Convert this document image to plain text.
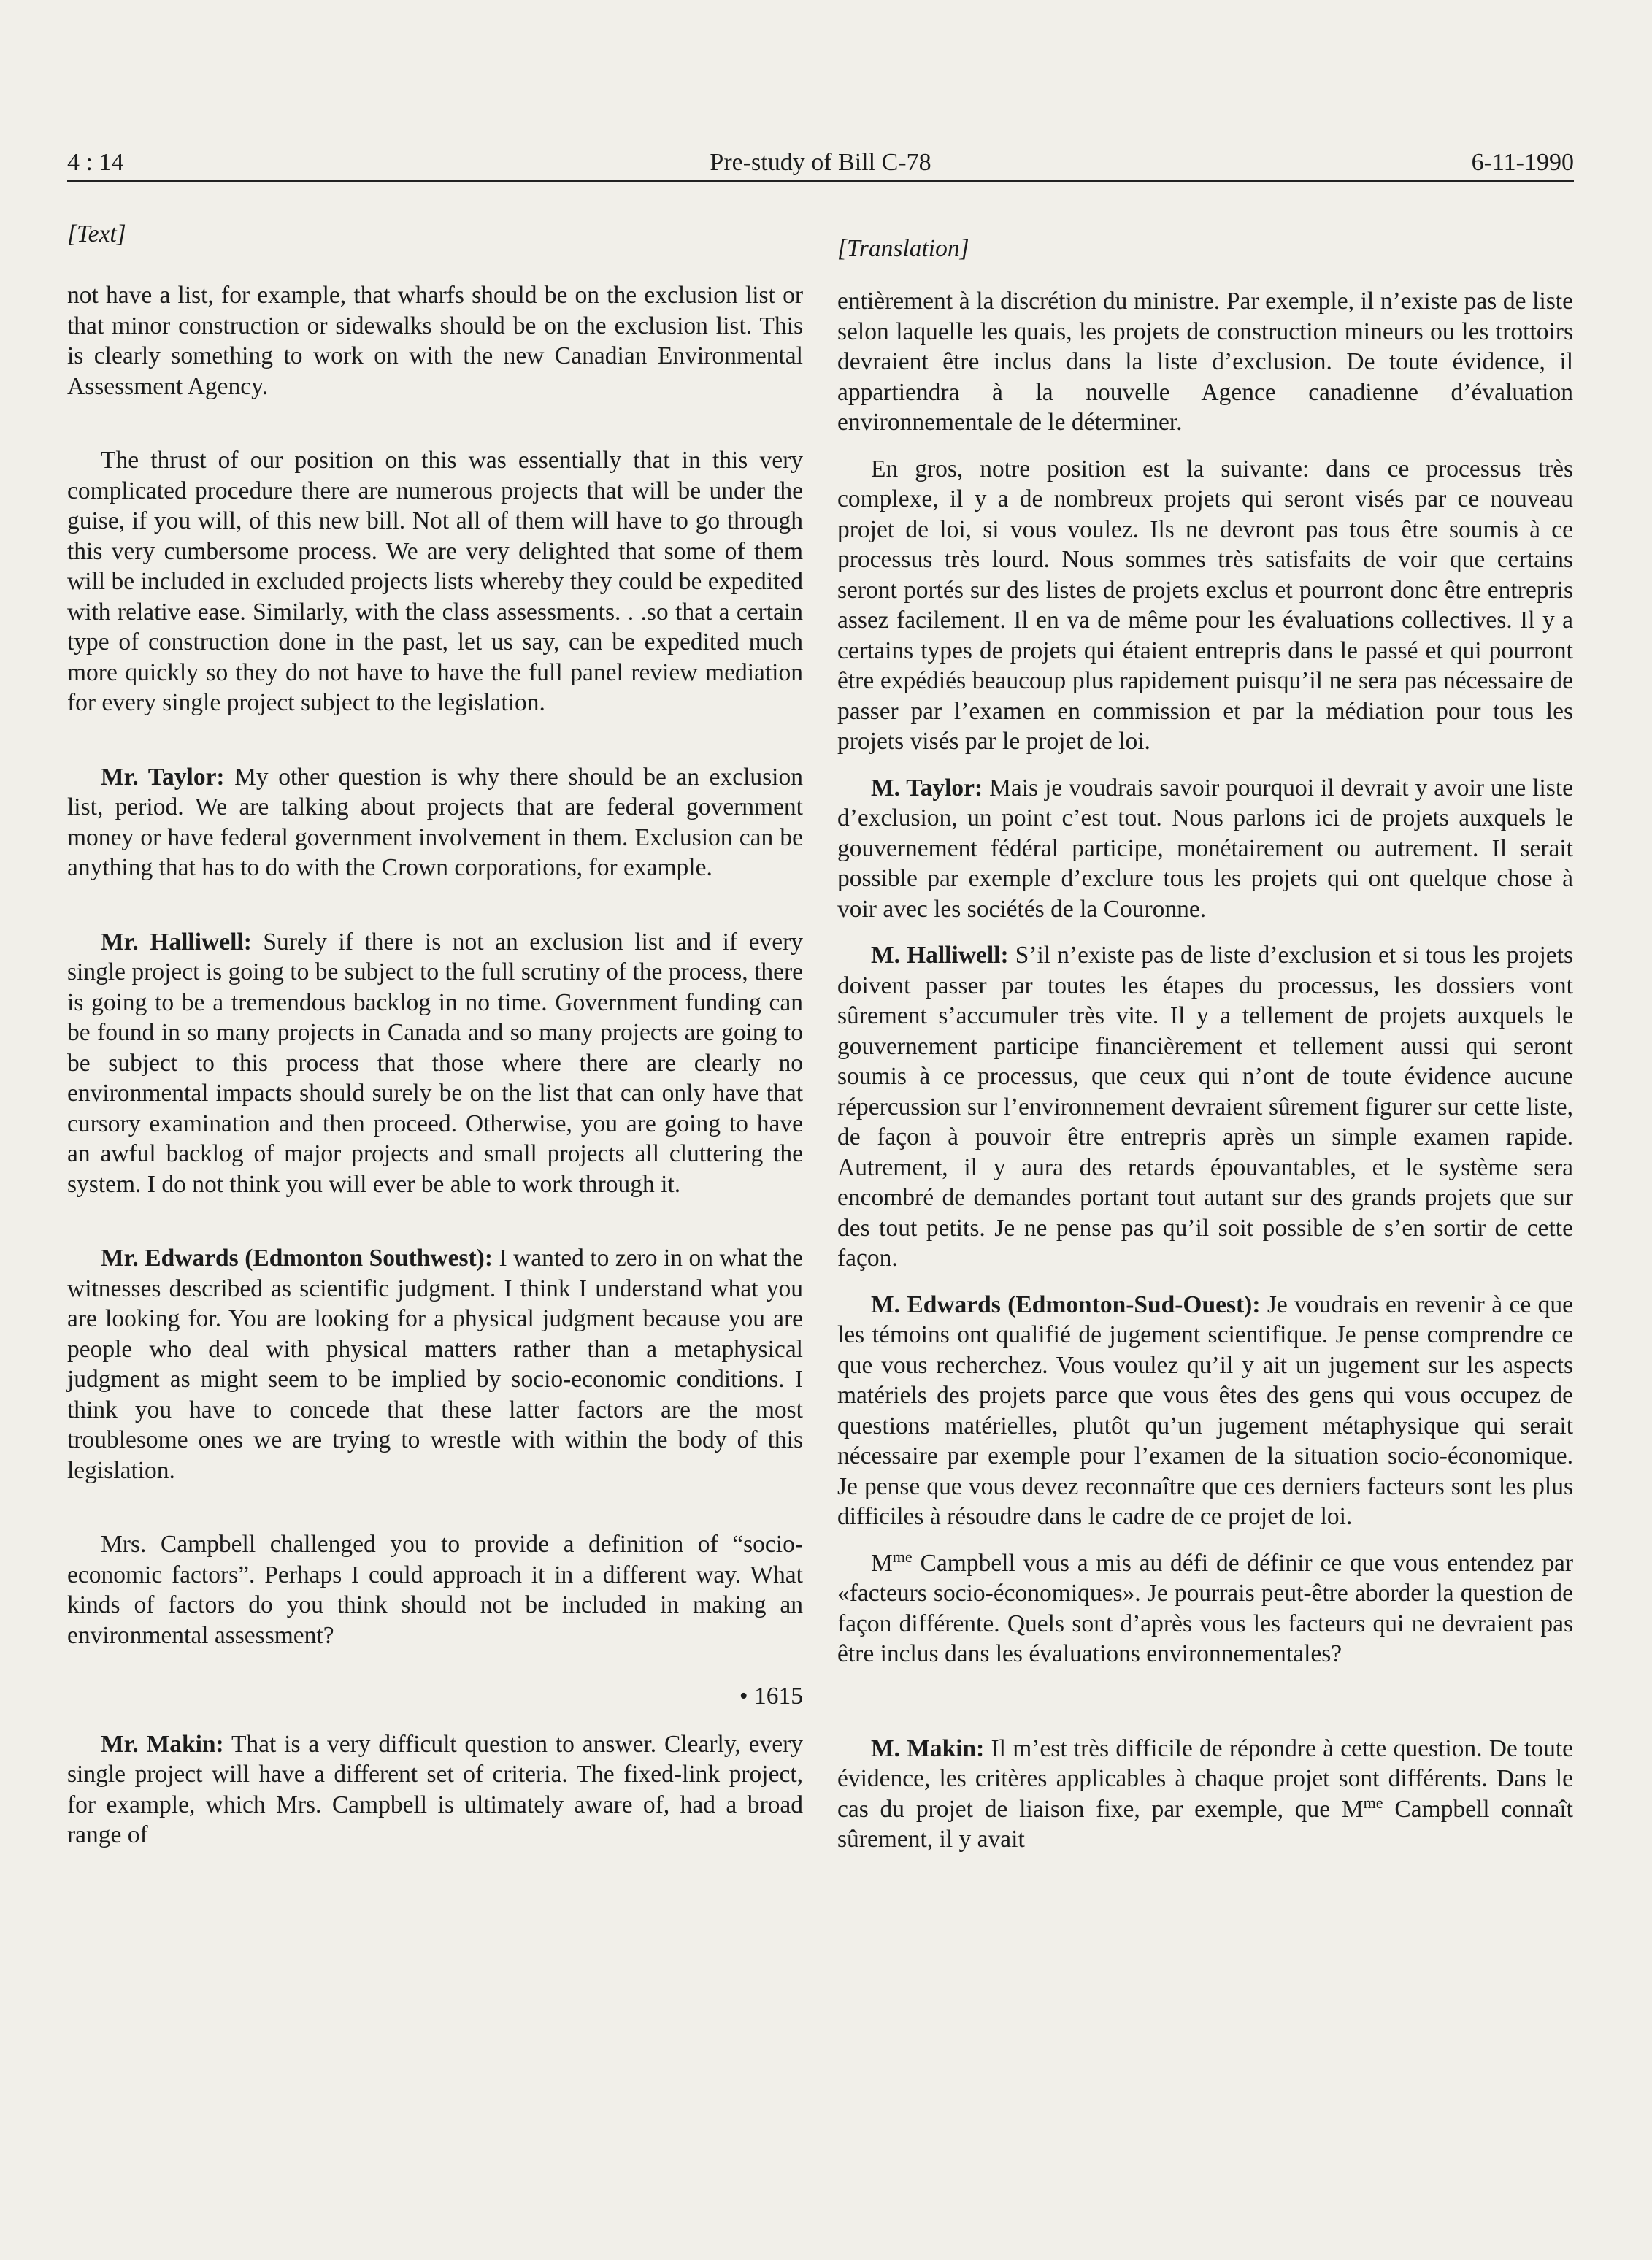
4 : 14	Pre-study of Bill C-78	6-11-1990
[Text]

not have a list, for example, that wharfs should be on the exclusion list or that minor construction or sidewalks should be on the exclusion list. This is clearly something to work on with the new Canadian Environmental Assessment Agency.

The thrust of our position on this was essentially that in this very complicated procedure there are numerous projects that will be under the guise, if you will, of this new bill. Not all of them will have to go through this very cumbersome process. We are very delighted that some of them will be included in excluded projects lists whereby they could be expedited with relative ease. Similarly, with the class assessments. . .so that a certain type of construction done in the past, let us say, can be expedited much more quickly so they do not have to have the full panel review mediation for every single project subject to the legislation.

Mr. Taylor: My other question is why there should be an exclusion list, period. We are talking about projects that are federal government money or have federal government involvement in them. Exclusion can be anything that has to do with the Crown corporations, for example.

Mr. Halliwell: Surely if there is not an exclusion list and if every single project is going to be subject to the full scrutiny of the process, there is going to be a tremendous backlog in no time. Government funding can be found in so many projects in Canada and so many projects are going to be subject to this process that those where there are clearly no environmental impacts should surely be on the list that can only have that cursory examination and then proceed. Otherwise, you are going to have an awful backlog of major projects and small projects all cluttering the system. I do not think you will ever be able to work through it.

Mr. Edwards (Edmonton Southwest): I wanted to zero in on what the witnesses described as scientific judgment. I think I understand what you are looking for. You are looking for a physical judgment because you are people who deal with physical matters rather than a metaphysical judgment as might seem to be implied by socio-economic conditions. I think you have to concede that these latter factors are the most troublesome ones we are trying to wrestle with within the body of this legislation.

Mrs. Campbell challenged you to provide a definition of “socio-economic factors”. Perhaps I could approach it in a different way. What kinds of factors do you think should not be included in making an environmental assessment?

• 1615

Mr. Makin: That is a very difficult question to answer. Clearly, every single project will have a different set of criteria. The fixed-link project, for example, which Mrs. Campbell is ultimately aware of, had a broad range of

[Translation]

entièrement à la discrétion du ministre. Par exemple, il n’existe pas de liste selon laquelle les quais, les projets de construction mineurs ou les trottoirs devraient être inclus dans la liste d’exclusion. De toute évidence, il appartiendra à la nouvelle Agence canadienne d’évaluation environnementale de le déterminer.

En gros, notre position est la suivante: dans ce processus très complexe, il y a de nombreux projets qui seront visés par ce nouveau projet de loi, si vous voulez. Ils ne devront pas tous être soumis à ce processus très lourd. Nous sommes très satisfaits de voir que certains seront portés sur des listes de projets exclus et pourront donc être entrepris assez facilement. Il en va de même pour les évaluations collectives. Il y a certains types de projets qui étaient entrepris dans le passé et qui pourront être expédiés beaucoup plus rapidement puisqu’il ne sera pas nécessaire de passer par l’examen en commission et par la médiation pour tous les projets visés par le projet de loi.

M. Taylor: Mais je voudrais savoir pourquoi il devrait y avoir une liste d’exclusion, un point c’est tout. Nous parlons ici de projets auxquels le gouvernement fédéral participe, monétairement ou autrement. Il serait possible par exemple d’exclure tous les projets qui ont quelque chose à voir avec les sociétés de la Couronne.

M. Halliwell: S’il n’existe pas de liste d’exclusion et si tous les projets doivent passer par toutes les étapes du processus, les dossiers vont sûrement s’accumuler très vite. Il y a tellement de projets auxquels le gouvernement participe financièrement et tellement aussi qui seront soumis à ce processus, que ceux qui n’ont de toute évidence aucune répercussion sur l’environnement devraient sûrement figurer sur cette liste, de façon à pouvoir être entrepris après un simple examen rapide. Autrement, il y aura des retards épouvantables, et le système sera encombré de demandes portant tout autant sur des grands projets que sur des tout petits. Je ne pense pas qu’il soit possible de s’en sortir de cette façon.

M. Edwards (Edmonton-Sud-Ouest): Je voudrais en revenir à ce que les témoins ont qualifié de jugement scientifique. Je pense comprendre ce que vous recherchez. Vous voulez qu’il y ait un jugement sur les aspects matériels des projets parce que vous êtes des gens qui vous occupez de questions matérielles, plutôt qu’un jugement métaphysique qui serait nécessaire par exemple pour l’examen de la situation socio-économique. Je pense que vous devez reconnaître que ces derniers facteurs sont les plus difficiles à résoudre dans le cadre de ce projet de loi.

$M^{me}$ Campbell vous a mis au défi de définir ce que vous entendez par «facteurs socio-économiques». Je pourrais peut-être aborder la question de façon différente. Quels sont d’après vous les facteurs qui ne devraient pas être inclus dans les évaluations environnementales?

M. Makin: Il m’est très difficile de répondre à cette question. De toute évidence, les critères applicables à chaque projet sont différents. Dans le cas du projet de liaison fixe, par exemple, que $M^{me}$ Campbell connaît sûrement, il y avait
